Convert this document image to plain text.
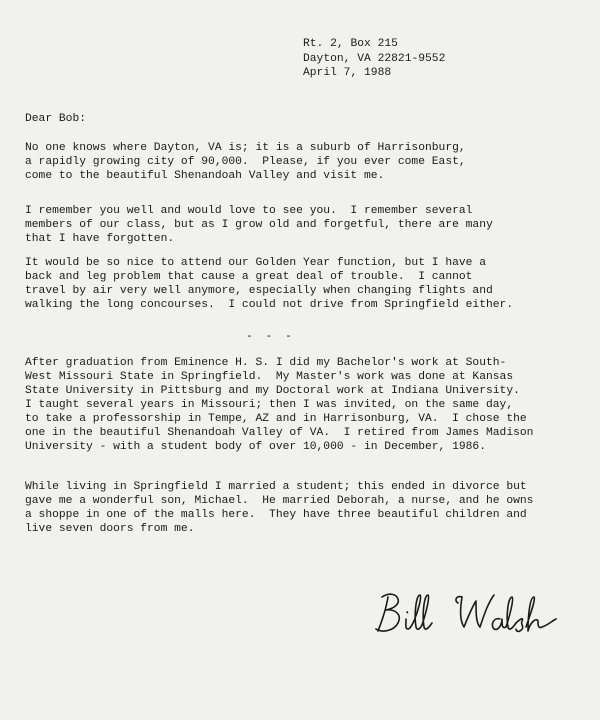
Rt. 2, Box 215
Dayton, VA 22821-9552
April 7, 1988
Dear Bob:
No one knows where Dayton, VA is; it is a suburb of Harrisonburg,
a rapidly growing city of 90,000.  Please, if you ever come East,
come to the beautiful Shenandoah Valley and visit me.
I remember you well and would love to see you.  I remember several
members of our class, but as I grow old and forgetful, there are many
that I have forgotten.
It would be so nice to attend our Golden Year function, but I have a
back and leg problem that cause a great deal of trouble.  I cannot
travel by air very well anymore, especially when changing flights and
walking the long concourses.  I could not drive from Springfield either.
- - -
After graduation from Eminence H. S. I did my Bachelor's work at South-
West Missouri State in Springfield.  My Master's work was done at Kansas
State University in Pittsburg and my Doctoral work at Indiana University.
I taught several years in Missouri; then I was invited, on the same day,
to take a professorship in Tempe, AZ and in Harrisonburg, VA.  I chose the
one in the beautiful Shenandoah Valley of VA.  I retired from James Madison
University - with a student body of over 10,000 - in December, 1986.
While living in Springfield I married a student; this ended in divorce but
gave me a wonderful son, Michael.  He married Deborah, a nurse, and he owns
a shoppe in one of the malls here.  They have three beautiful children and
live seven doors from me.
